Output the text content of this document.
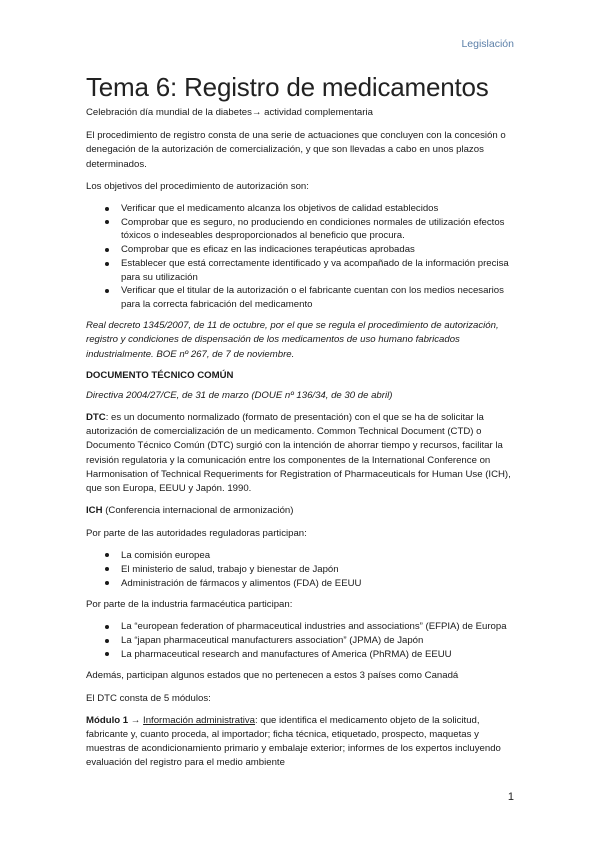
Legislación
Tema 6: Registro de medicamentos

Celebración día mundial de la diabetes→ actividad complementaria

El procedimiento de registro consta de una serie de actuaciones que concluyen con la concesión o denegación de la autorización de comercialización, y que son llevadas a cabo en unos plazos determinados.

Los objetivos del procedimiento de autorización son:

Verificar que el medicamento alcanza los objetivos de calidad establecidos
Comprobar que es seguro, no produciendo en condiciones normales de utilización efectos tóxicos o indeseables desproporcionados al beneficio que procura.
Comprobar que es eficaz en las indicaciones terapéuticas aprobadas
Establecer que está correctamente identificado y va acompañado de la información precisa para su utilización
Verificar que el titular de la autorización o el fabricante cuentan con los medios necesarios para la correcta fabricación del medicamento

Real decreto 1345/2007, de 11 de octubre, por el que se regula el procedimiento de autorización, registro y condiciones de dispensación de los medicamentos de uso humano fabricados industrialmente. BOE nº 267, de 7 de noviembre.

DOCUMENTO TÉCNICO COMÚN

Directiva 2004/27/CE, de 31 de marzo (DOUE nº 136/34, de 30 de abril)

DTC: es un documento normalizado (formato de presentación) con el que se ha de solicitar la autorización de comercialización de un medicamento. Common Technical Document (CTD) o Documento Técnico Común (DTC) surgió con la intención de ahorrar tiempo y recursos, facilitar la revisión regulatoria y la comunicación entre los componentes de la International Conference on Harmonisation of Technical Requeriments for Registration of Pharmaceuticals for Human Use (ICH), que son Europa, EEUU y Japón. 1990.

ICH (Conferencia internacional de armonización)

Por parte de las autoridades reguladoras participan:

La comisión europea
El ministerio de salud, trabajo y bienestar de Japón
Administración de fármacos y alimentos (FDA) de EEUU

Por parte de la industria farmacéutica participan:

La “european federation of pharmaceutical industries and associations” (EFPIA) de Europa
La “japan pharmaceutical manufacturers association” (JPMA) de Japón
La pharmaceutical research and manufactures of America (PhRMA) de EEUU

Además, participan algunos estados que no pertenecen a estos 3 países como Canadá

El DTC consta de 5 módulos:

Módulo 1 → Información administrativa: que identifica el medicamento objeto de la solicitud, fabricante y, cuanto proceda, al importador; ficha técnica, etiquetado, prospecto, maquetas y muestras de acondicionamiento primario y embalaje exterior; informes de los expertos incluyendo evaluación del registro para el medio ambiente

1
